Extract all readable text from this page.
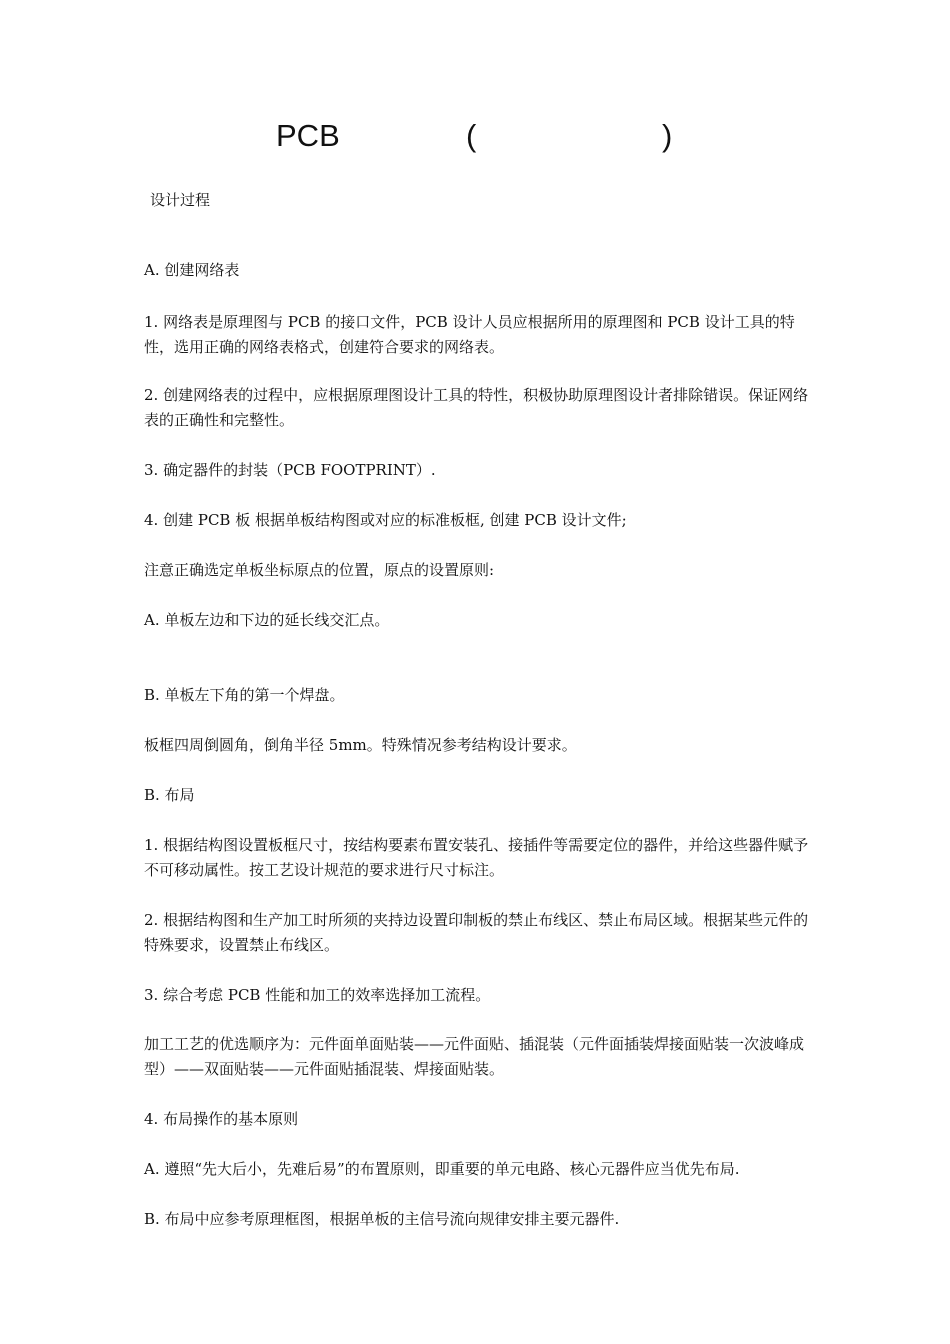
PCB	(	)
设计过程
A. 创建网络表
1. 网络表是原理图与 PCB 的接口文件，PCB 设计人员应根据所用的原理图和 PCB 设计工具的特性，选用正确的网络表格式，创建符合要求的网络表。
2. 创建网络表的过程中，应根据原理图设计工具的特性，积极协助原理图设计者排除错误。保证网络表的正确性和完整性。
3. 确定器件的封装（PCB FOOTPRINT）.
4. 创建 PCB 板 根据单板结构图或对应的标准板框, 创建 PCB 设计文件;
注意正确选定单板坐标原点的位置，原点的设置原则:
A. 单板左边和下边的延长线交汇点。
B. 单板左下角的第一个焊盘。
板框四周倒圆角，倒角半径 5mm。特殊情况参考结构设计要求。
B. 布局
1. 根据结构图设置板框尺寸，按结构要素布置安装孔、接插件等需要定位的器件，并给这些器件赋予不可移动属性。按工艺设计规范的要求进行尺寸标注。
2. 根据结构图和生产加工时所须的夹持边设置印制板的禁止布线区、禁止布局区域。根据某些元件的特殊要求，设置禁止布线区。
3. 综合考虑 PCB 性能和加工的效率选择加工流程。
加工工艺的优选顺序为：元件面单面贴装——元件面贴、插混装（元件面插装焊接面贴装一次波峰成型）——双面贴装——元件面贴插混装、焊接面贴装。
4. 布局操作的基本原则
A. 遵照“先大后小，先难后易”的布置原则，即重要的单元电路、核心元器件应当优先布局.
B. 布局中应参考原理框图，根据单板的主信号流向规律安排主要元器件.
